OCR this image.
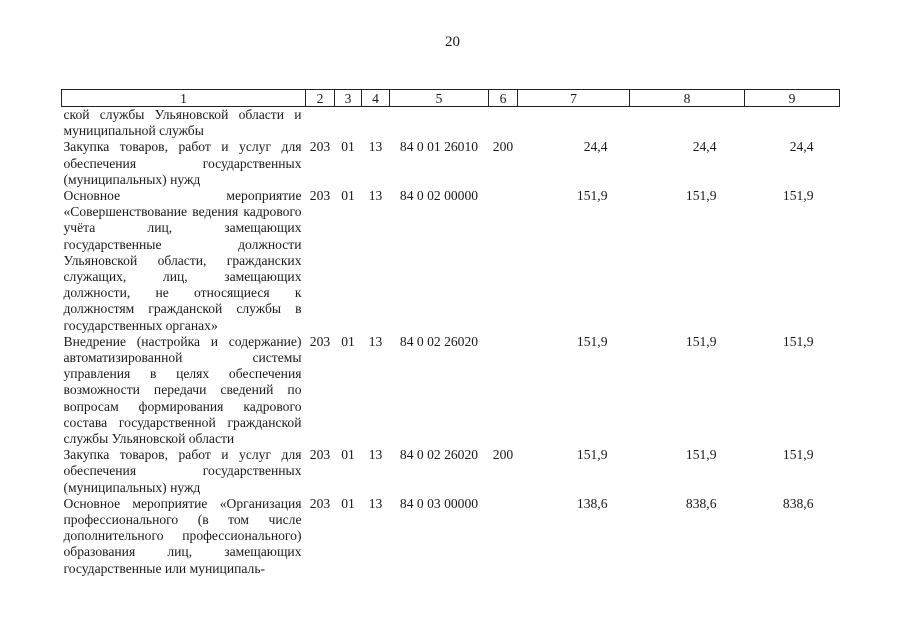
20
1	2	3	4	5	6	7	8	9
ской службы Ульяновской области и муниципальной службы								
Закупка товаров, работ и услуг для обеспечения государственных (муниципальных) нужд	203	01	13	84 0 01 26010	200	24,4	24,4	24,4
Основное мероприятие «Совершенствование ведения кадрового учёта лиц, замещающих государственные должности Ульяновской области, гражданских служащих, лиц, замещающих должности, не относящиеся к должностям гражданской службы в государственных органах»	203	01	13	84 0 02 00000		151,9	151,9	151,9
Внедрение (настройка и содержание) автоматизированной системы управления в целях обеспечения возможности передачи сведений по вопросам формирования кадрового состава государственной гражданской службы Ульяновской области	203	01	13	84 0 02 26020		151,9	151,9	151,9
Закупка товаров, работ и услуг для обеспечения государственных (муниципальных) нужд	203	01	13	84 0 02 26020	200	151,9	151,9	151,9
Основное мероприятие «Организация профессионального (в том числе дополнительного профессионального) образования лиц, замещающих государственные или муниципаль-	203	01	13	84 0 03 00000		138,6	838,6	838,6
